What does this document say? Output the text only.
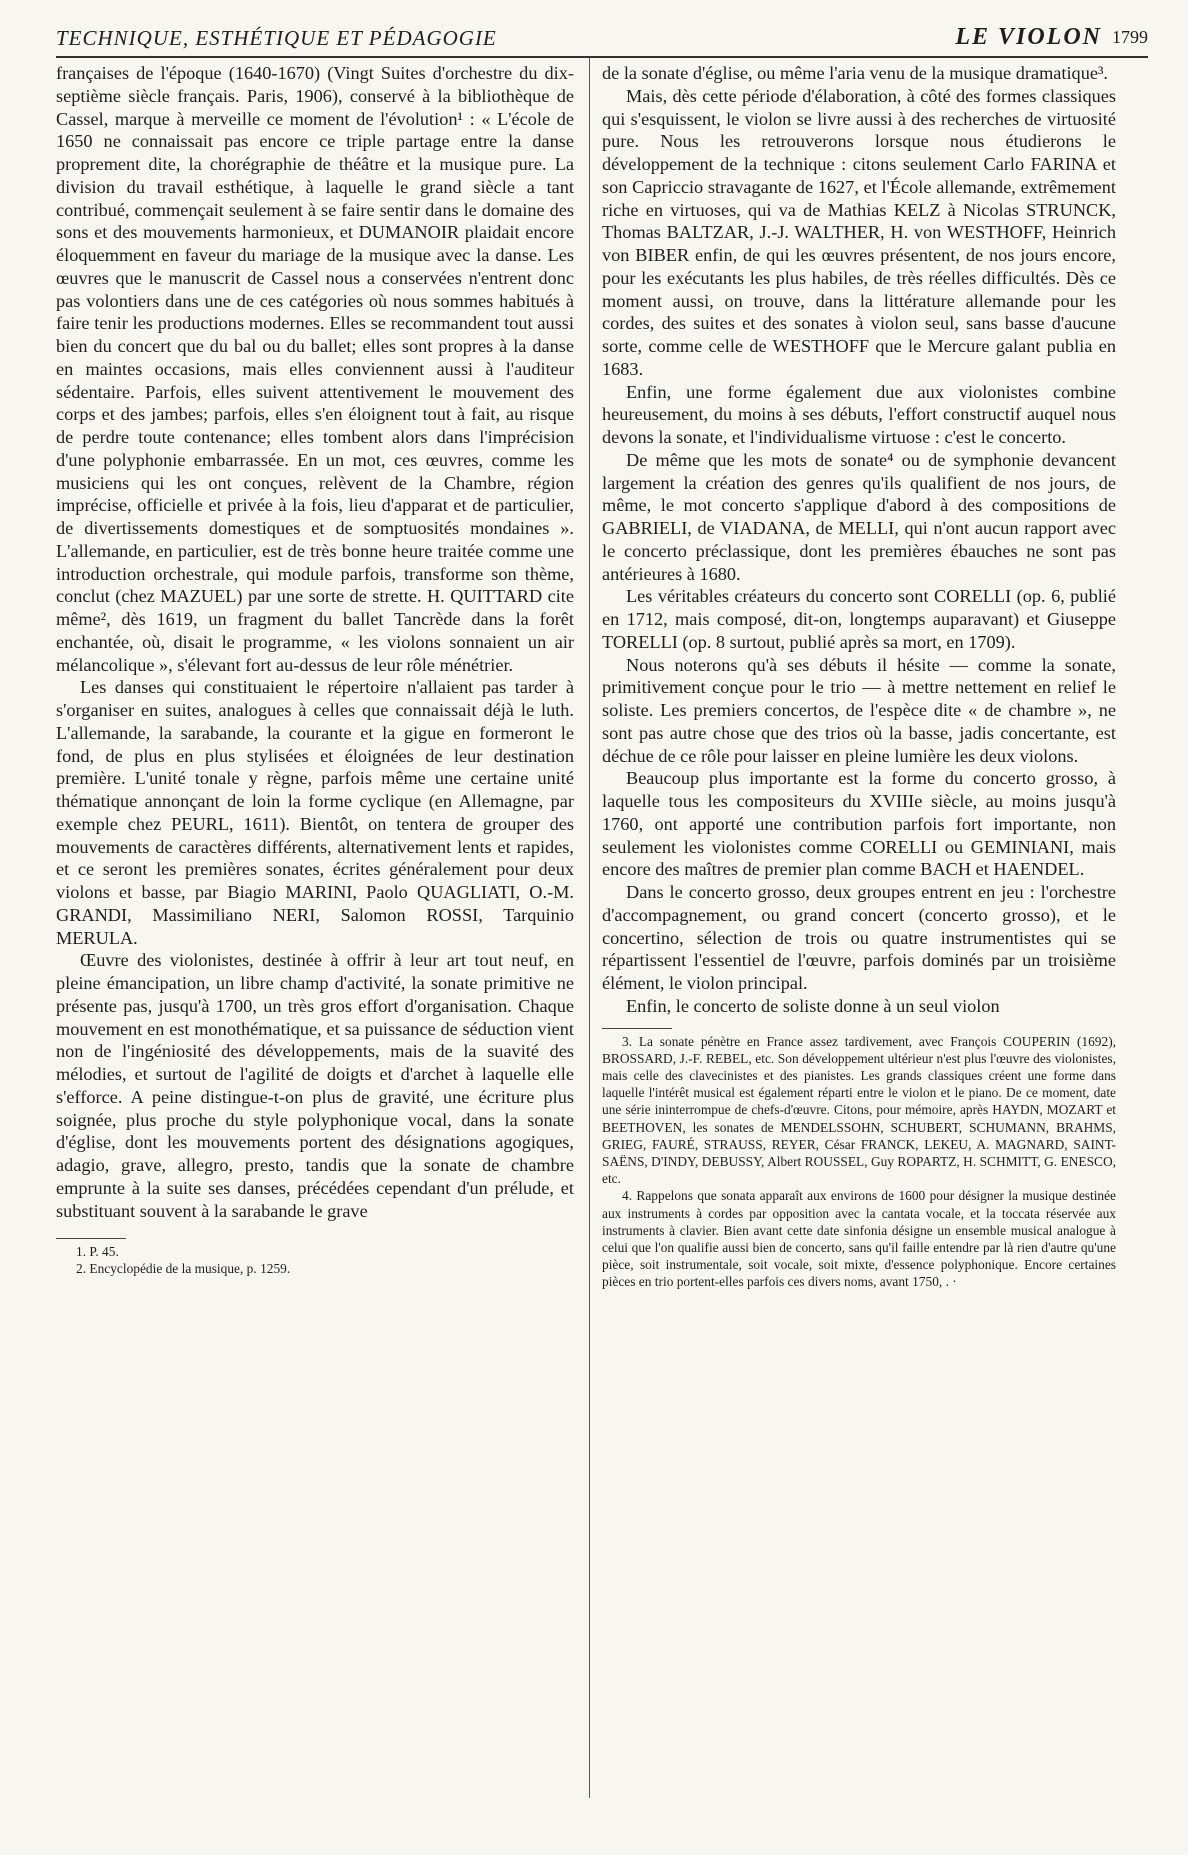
TECHNIQUE, ESTHÉTIQUE ET PÉDAGOGIE	LE VIOLON 1799

françaises de l'époque (1640-1670) (Vingt Suites d'orchestre du dix-septième siècle français. Paris, 1906), conservé à la bibliothèque de Cassel, marque à merveille ce moment de l'évolution¹ : « L'école de 1650 ne connaissait pas encore ce triple partage entre la danse proprement dite, la chorégraphie de théâtre et la musique pure. La division du travail esthétique, à laquelle le grand siècle a tant contribué, commençait seulement à se faire sentir dans le domaine des sons et des mouvements harmonieux, et DUMANOIR plaidait encore éloquemment en faveur du mariage de la musique avec la danse. Les œuvres que le manuscrit de Cassel nous a conservées n'entrent donc pas volontiers dans une de ces catégories où nous sommes habitués à faire tenir les productions modernes. Elles se recommandent tout aussi bien du concert que du bal ou du ballet; elles sont propres à la danse en maintes occasions, mais elles conviennent aussi à l'auditeur sédentaire. Parfois, elles suivent attentivement le mouvement des corps et des jambes; parfois, elles s'en éloignent tout à fait, au risque de perdre toute contenance; elles tombent alors dans l'imprécision d'une polyphonie embarrassée. En un mot, ces œuvres, comme les musiciens qui les ont conçues, relèvent de la Chambre, région imprécise, officielle et privée à la fois, lieu d'apparat et de particulier, de divertissements domestiques et de somptuosités mondaines ». L'allemande, en particulier, est de très bonne heure traitée comme une introduction orchestrale, qui module parfois, transforme son thème, conclut (chez MAZUEL) par une sorte de strette. H. QUITTARD cite même², dès 1619, un fragment du ballet Tancrède dans la forêt enchantée, où, disait le programme, « les violons sonnaient un air mélancolique », s'élevant fort au-dessus de leur rôle ménétrier.

Les danses qui constituaient le répertoire n'allaient pas tarder à s'organiser en suites, analogues à celles que connaissait déjà le luth. L'allemande, la sarabande, la courante et la gigue en formeront le fond, de plus en plus stylisées et éloignées de leur destination première. L'unité tonale y règne, parfois même une certaine unité thématique annonçant de loin la forme cyclique (en Allemagne, par exemple chez PEURL, 1611). Bientôt, on tentera de grouper des mouvements de caractères différents, alternativement lents et rapides, et ce seront les premières sonates, écrites généralement pour deux violons et basse, par Biagio MARINI, Paolo QUAGLIATI, O.-M. GRANDI, Massimiliano NERI, Salomon ROSSI, Tarquinio MERULA.

Œuvre des violonistes, destinée à offrir à leur art tout neuf, en pleine émancipation, un libre champ d'activité, la sonate primitive ne présente pas, jusqu'à 1700, un très gros effort d'organisation. Chaque mouvement en est monothématique, et sa puissance de séduction vient non de l'ingéniosité des développements, mais de la suavité des mélodies, et surtout de l'agilité de doigts et d'archet à laquelle elle s'efforce. A peine distingue-t-on plus de gravité, une écriture plus soignée, plus proche du style polyphonique vocal, dans la sonate d'église, dont les mouvements portent des désignations agogiques, adagio, grave, allegro, presto, tandis que la sonate de chambre emprunte à la suite ses danses, précédées cependant d'un prélude, et substituant souvent à la sarabande le grave

1. P. 45.

2. Encyclopédie de la musique, p. 1259.

de la sonate d'église, ou même l'aria venu de la musique dramatique³.

Mais, dès cette période d'élaboration, à côté des formes classiques qui s'esquissent, le violon se livre aussi à des recherches de virtuosité pure. Nous les retrouverons lorsque nous étudierons le développement de la technique : citons seulement Carlo FARINA et son Capriccio stravagante de 1627, et l'École allemande, extrêmement riche en virtuoses, qui va de Mathias KELZ à Nicolas STRUNCK, Thomas BALTZAR, J.-J. WALTHER, H. von WESTHOFF, Heinrich von BIBER enfin, de qui les œuvres présentent, de nos jours encore, pour les exécutants les plus habiles, de très réelles difficultés. Dès ce moment aussi, on trouve, dans la littérature allemande pour les cordes, des suites et des sonates à violon seul, sans basse d'aucune sorte, comme celle de WESTHOFF que le Mercure galant publia en 1683.

Enfin, une forme également due aux violonistes combine heureusement, du moins à ses débuts, l'effort constructif auquel nous devons la sonate, et l'individualisme virtuose : c'est le concerto.

De même que les mots de sonate⁴ ou de symphonie devancent largement la création des genres qu'ils qualifient de nos jours, de même, le mot concerto s'applique d'abord à des compositions de GABRIELI, de VIADANA, de MELLI, qui n'ont aucun rapport avec le concerto préclassique, dont les premières ébauches ne sont pas antérieures à 1680.

Les véritables créateurs du concerto sont CORELLI (op. 6, publié en 1712, mais composé, dit-on, longtemps auparavant) et Giuseppe TORELLI (op. 8 surtout, publié après sa mort, en 1709).

Nous noterons qu'à ses débuts il hésite — comme la sonate, primitivement conçue pour le trio — à mettre nettement en relief le soliste. Les premiers concertos, de l'espèce dite « de chambre », ne sont pas autre chose que des trios où la basse, jadis concertante, est déchue de ce rôle pour laisser en pleine lumière les deux violons.

Beaucoup plus importante est la forme du concerto grosso, à laquelle tous les compositeurs du XVIIIe siècle, au moins jusqu'à 1760, ont apporté une contribution parfois fort importante, non seulement les violonistes comme CORELLI ou GEMINIANI, mais encore des maîtres de premier plan comme BACH et HAENDEL.

Dans le concerto grosso, deux groupes entrent en jeu : l'orchestre d'accompagnement, ou grand concert (concerto grosso), et le concertino, sélection de trois ou quatre instrumentistes qui se répartissent l'essentiel de l'œuvre, parfois dominés par un troisième élément, le violon principal.

Enfin, le concerto de soliste donne à un seul violon

3. La sonate pénètre en France assez tardivement, avec François COUPERIN (1692), BROSSARD, J.-F. REBEL, etc. Son développement ultérieur n'est plus l'œuvre des violonistes, mais celle des clavecinistes et des pianistes. Les grands classiques créent une forme dans laquelle l'intérêt musical est également réparti entre le violon et le piano. De ce moment, date une série ininterrompue de chefs-d'œuvre. Citons, pour mémoire, après HAYDN, MOZART et BEETHOVEN, les sonates de MENDELSSOHN, SCHUBERT, SCHUMANN, BRAHMS, GRIEG, FAURÉ, STRAUSS, REYER, César FRANCK, LEKEU, A. MAGNARD, SAINT-SAËNS, D'INDY, DEBUSSY, Albert ROUSSEL, Guy ROPARTZ, H. SCHMITT, G. ENESCO, etc.

4. Rappelons que sonata apparaît aux environs de 1600 pour désigner la musique destinée aux instruments à cordes par opposition avec la cantata vocale, et la toccata réservée aux instruments à clavier. Bien avant cette date sinfonia désigne un ensemble musical analogue à celui que l'on qualifie aussi bien de concerto, sans qu'il faille entendre par là rien d'autre qu'une pièce, soit instrumentale, soit vocale, soit mixte, d'essence polyphonique. Encore certaines pièces en trio portent-elles parfois ces divers noms, avant 1750, . ·
